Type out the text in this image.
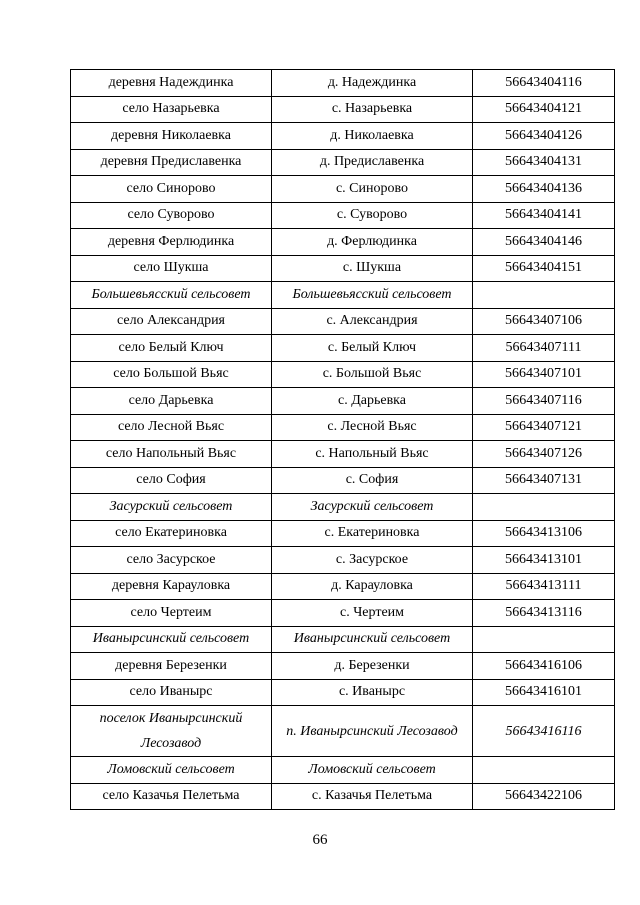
деревня Надеждинка	д. Надеждинка	56643404116
село Назарьевка	с. Назарьевка	56643404121
деревня Николаевка	д. Николаевка	56643404126
деревня Предиславенка	д. Предиславенка	56643404131
село Синорово	с. Синорово	56643404136
село Суворово	с. Суворово	56643404141
деревня Ферлюдинка	д. Ферлюдинка	56643404146
село Шукша	с. Шукша	56643404151
Большевьясский сельсовет	Большевьясский сельсовет	
село Александрия	с. Александрия	56643407106
село Белый Ключ	с. Белый Ключ	56643407111
село Большой Вьяс	с. Большой Вьяс	56643407101
село Дарьевка	с. Дарьевка	56643407116
село Лесной Вьяс	с. Лесной Вьяс	56643407121
село Напольный Вьяс	с. Напольный Вьяс	56643407126
село София	с. София	56643407131
Засурский сельсовет	Засурский сельсовет	
село Екатериновка	с. Екатериновка	56643413106
село Засурское	с. Засурское	56643413101
деревня Карауловка	д. Карауловка	56643413111
село Чертеим	с. Чертеим	56643413116
Иванырсинский сельсовет	Иванырсинский сельсовет	
деревня Березенки	д. Березенки	56643416106
село Иванырс	с. Иванырс	56643416101
поселок Иванырсинский Лесозавод	п. Иванырсинский Лесозавод	56643416116
Ломовский сельсовет	Ломовский сельсовет	
село Казачья Пелетьма	с. Казачья Пелетьма	56643422106
66
